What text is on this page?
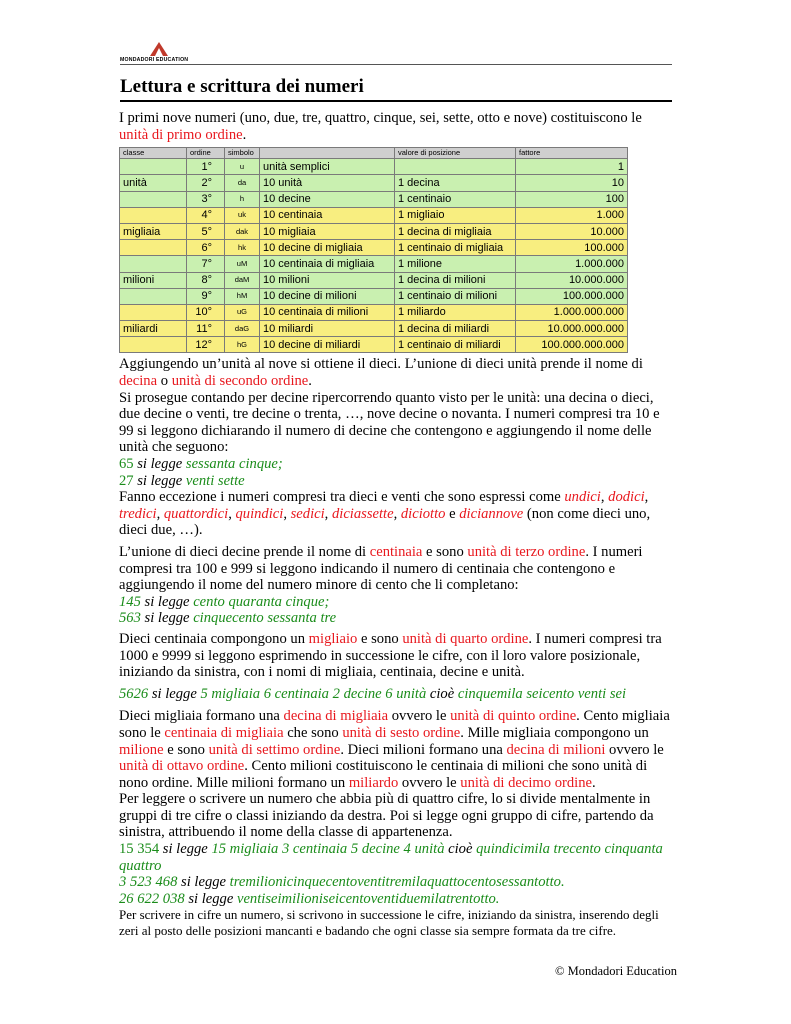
MONDADORI EDUCATION
Lettura e scrittura dei numeri

I primi nove numeri (uno, due, tre, quattro, cinque, sei, sette, otto e nove) costituiscono le unità di primo ordine.

classe	ordine	simbolo		valore di posizione	fattore
	1°	u	unità semplici		1
unità	2°	da	10 unità	1 decina	10
	3°	h	10 decine	1 centinaio	100
	4°	uk	10 centinaia	1 migliaio	1.000
migliaia	5°	dak	10 migliaia	1 decina di migliaia	10.000
	6°	hk	10 decine di migliaia	1 centinaio di migliaia	100.000
	7°	uM	10 centinaia di migliaia	1 milione	1.000.000
milioni	8°	daM	10 milioni	1 decina di milioni	10.000.000
	9°	hM	10 decine di milioni	1 centinaio di milioni	100.000.000
	10°	uG	10 centinaia di milioni	1 miliardo	1.000.000.000
miliardi	11°	daG	10 miliardi	1 decina di miliardi	10.000.000.000
	12°	hG	10 decine di miliardi	1 centinaio di miliardi	100.000.000.000

Aggiungendo un’unità al nove si ottiene il dieci. L’unione di dieci unità prende il nome di decina o unità di secondo ordine.

Si prosegue contando per decine ripercorrendo quanto visto per le unità: una decina o dieci, due decine o venti, tre decine o trenta, …, nove decine o novanta. I numeri compresi tra 10 e 99 si leggono dichiarando il numero di decine che contengono e aggiungendo il nome delle unità che seguono:

65 si legge sessanta cinque;

27 si legge venti sette

Fanno eccezione i numeri compresi tra dieci e venti che sono espressi come undici, dodici, tredici, quattordici, quindici, sedici, diciassette, diciotto e diciannove (non come dieci uno, dieci due, …).

L’unione di dieci decine prende il nome di centinaia e sono unità di terzo ordine. I numeri compresi tra 100 e 999 si leggono indicando il numero di centinaia che contengono e aggiungendo il nome del numero minore di cento che li completano:

145 si legge cento quaranta cinque;

563 si legge cinquecento sessanta tre

Dieci centinaia compongono un migliaio e sono unità di quarto ordine. I numeri compresi tra 1000 e 9999 si leggono esprimendo in successione le cifre, con il loro valore posizionale, iniziando da sinistra, con i nomi di migliaia, centinaia, decine e unità.

5626 si legge 5 migliaia 6 centinaia 2 decine 6 unità cioè cinquemila seicento venti sei

Dieci migliaia formano una decina di migliaia ovvero le unità di quinto ordine. Cento migliaia sono le centinaia di migliaia che sono unità di sesto ordine. Mille migliaia compongono un milione e sono unità di settimo ordine. Dieci milioni formano una decina di milioni ovvero le unità di ottavo ordine. Cento milioni costituiscono le centinaia di milioni che sono unità di nono ordine. Mille milioni formano un miliardo ovvero le unità di decimo ordine.

Per leggere o scrivere un numero che abbia più di quattro cifre, lo si divide mentalmente in gruppi di tre cifre o classi iniziando da destra. Poi si legge ogni gruppo di cifre, partendo da sinistra, attribuendo il nome della classe di appartenenza.

15 354 si legge 15 migliaia 3 centinaia 5 decine 4 unità cioè quindicimila trecento cinquanta quattro

3 523 468 si legge tremilionicinquecentoventitremilaquattocentosessantotto.

26 622 038 si legge ventiseimilioniseicentoventiduemilatrentotto.

Per scrivere in cifre un numero, si scrivono in successione le cifre, iniziando da sinistra, inserendo degli zeri al posto delle posizioni mancanti e badando che ogni classe sia sempre formata da tre cifre.

© Mondadori Education
